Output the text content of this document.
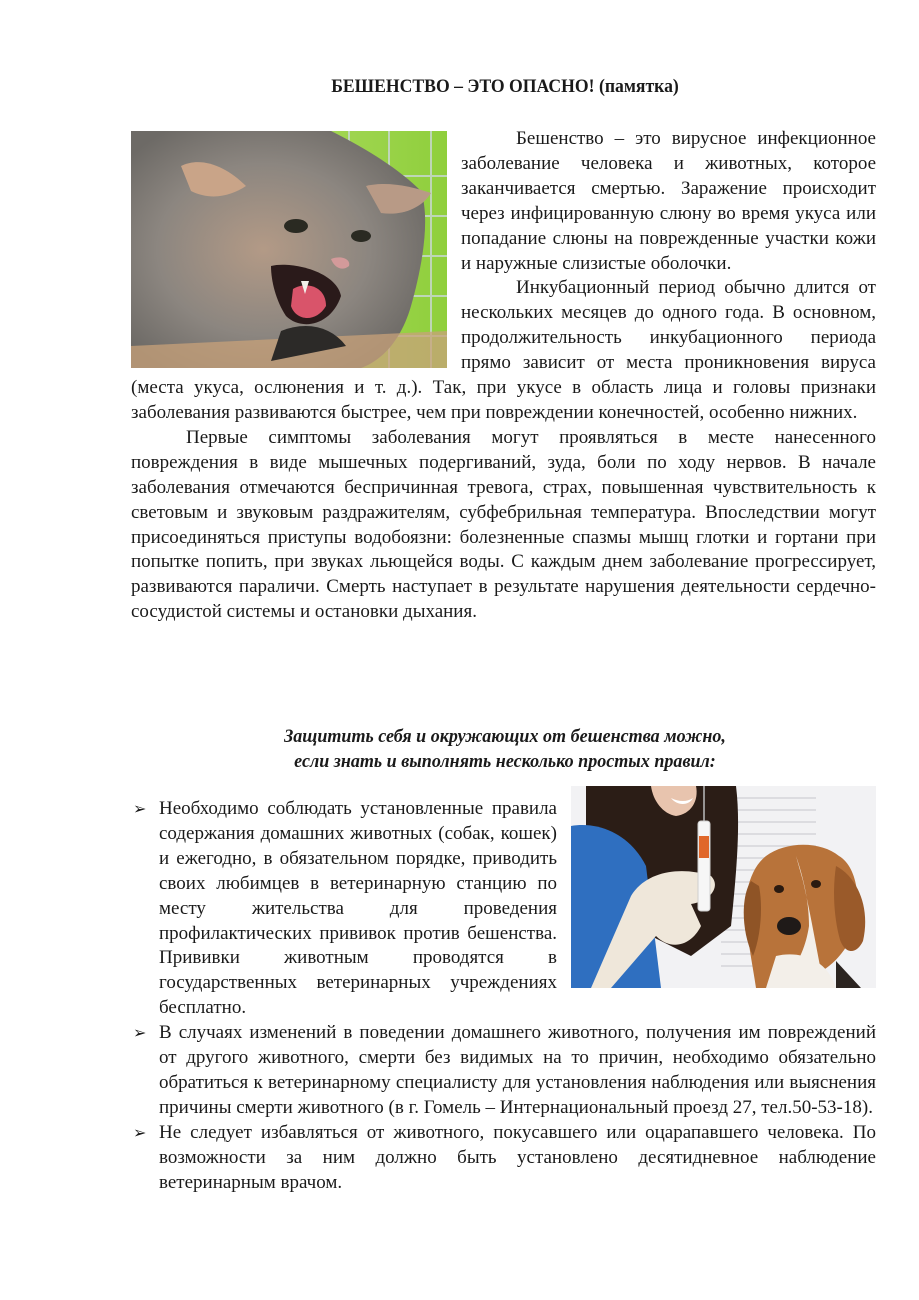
БЕШЕНСТВО – ЭТО ОПАСНО! (памятка)

Бешенство – это вирусное инфекционное заболевание человека и животных, которое заканчивается смертью. Заражение происходит через инфицированную слюну во время укуса или попадание слюны на поврежденные участки кожи и наружные слизистые оболочки.

Инкубационный период обычно длится от нескольких месяцев до одного года. В основном, продолжительность инкубационного периода прямо зависит от места проникновения вируса (места укуса, ослюнения и т. д.). Так, при укусе в область лица и головы признаки заболевания развиваются быстрее, чем при повреждении конечностей, особенно нижних.

Первые симптомы заболевания могут проявляться в месте нанесенного повреждения в виде мышечных подергиваний, зуда, боли по ходу нервов. В начале заболевания отмечаются беспричинная тревога, страх, повышенная чувствительность к световым и звуковым раздражителям, субфебрильная температура. Впоследствии могут присоединяться приступы водобоязни: болезненные спазмы мышц глотки и гортани при попытке попить, при звуках льющейся воды. С каждым днем заболевание прогрессирует, развиваются параличи. Смерть наступает в результате нарушения деятельности сердечно-сосудистой системы и остановки дыхания.

Защитить себя и окружающих от бешенства можно,
если знать и выполнять несколько простых правил:

➢ Необходимо соблюдать установленные правила содержания домашних животных (собак, кошек) и ежегодно, в обязательном порядке, приводить своих любимцев в ветеринарную станцию по месту жительства для проведения профилактических прививок против бешенства. Прививки животным проводятся в государственных ветеринарных учреждениях бесплатно.

➢ В случаях изменений в поведении домашнего животного, получения им повреждений от другого животного, смерти без видимых на то причин, необходимо обязательно обратиться к ветеринарному специалисту для установления наблюдения или выяснения причины смерти животного (в г. Гомель – Интернациональный проезд 27, тел.50-53-18).

➢ Не следует избавляться от животного, покусавшего или оцарапавшего человека. По возможности за ним должно быть установлено десятидневное наблюдение ветеринарным врачом.
